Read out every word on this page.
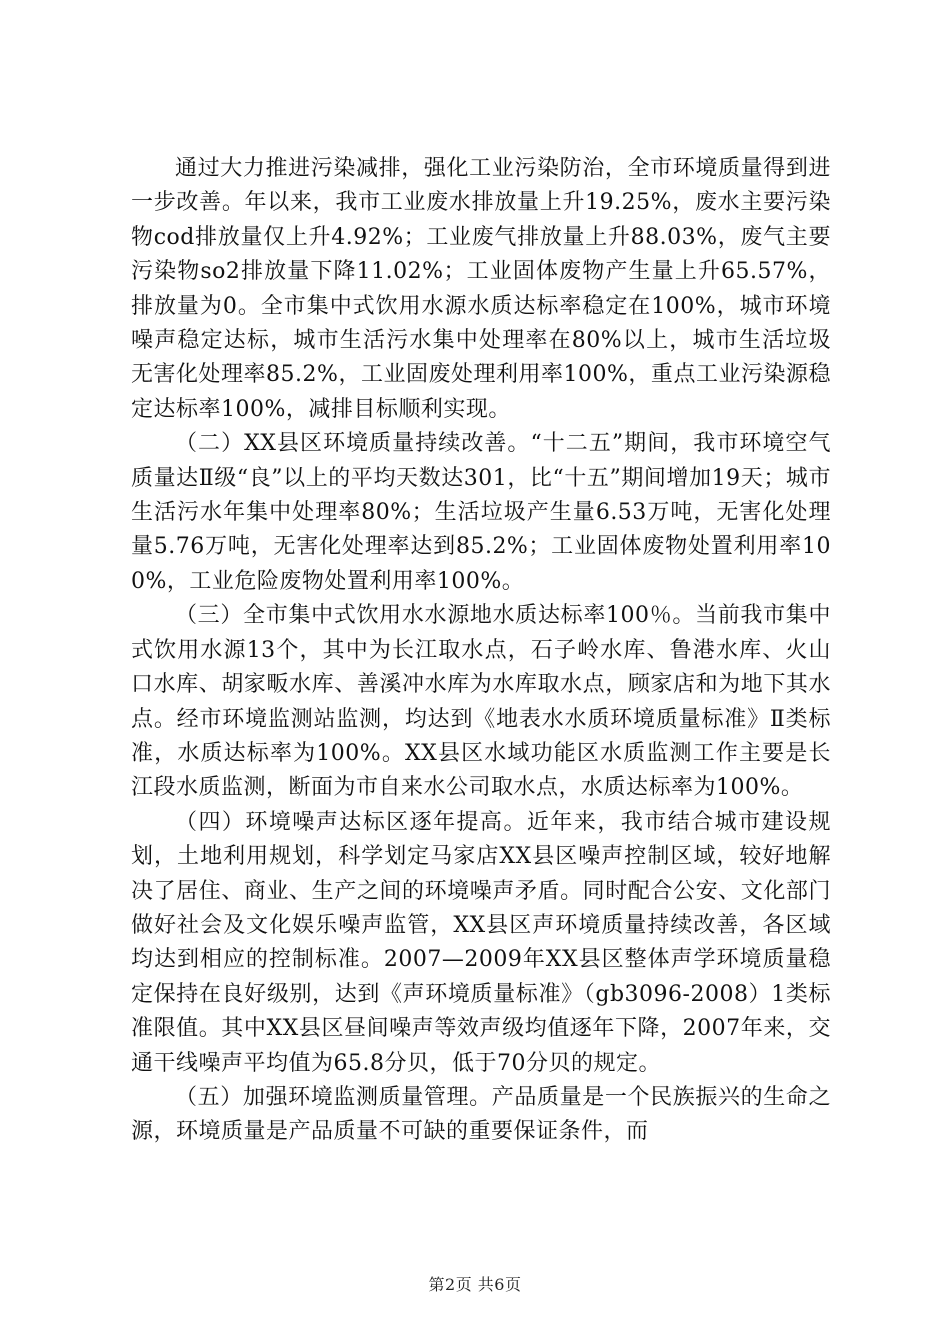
通过大力推进污染减排，强化工业污染防治，全市环境质量得到进一步改善。年以来，我市工业废水排放量上升19.25%，废水主要污染物cod排放量仅上升4.92%；工业废气排放量上升88.03%，废气主要污染物so2排放量下降11.02%；工业固体废物产生量上升65.57%，排放量为0。全市集中式饮用水源水质达标率稳定在100%，城市环境噪声稳定达标，城市生活污水集中处理率在80%以上，城市生活垃圾无害化处理率85.2%，工业固废处理利用率100%，重点工业污染源稳定达标率100%，减排目标顺利实现。

（二）XX县区环境质量持续改善。“十二五”期间，我市环境空气质量达Ⅱ级“良”以上的平均天数达301，比“十五”期间增加19天；城市生活污水年集中处理率80%；生活垃圾产生量6.53万吨，无害化处理量5.76万吨，无害化处理率达到85.2%；工业固体废物处置利用率100%，工业危险废物处置利用率100%。

（三）全市集中式饮用水水源地水质达标率100％。当前我市集中式饮用水源13个，其中为长江取水点，石子岭水库、鲁港水库、火山口水库、胡家畈水库、善溪冲水库为水库取水点，顾家店和为地下其水点。经市环境监测站监测，均达到《地表水水质环境质量标准》Ⅱ类标准，水质达标率为100%。XX县区水域功能区水质监测工作主要是长江段水质监测，断面为市自来水公司取水点，水质达标率为100%。

（四）环境噪声达标区逐年提高。近年来，我市结合城市建设规划，土地利用规划，科学划定马家店XX县区噪声控制区域，较好地解决了居住、商业、生产之间的环境噪声矛盾。同时配合公安、文化部门做好社会及文化娱乐噪声监管，XX县区声环境质量持续改善，各区域均达到相应的控制标准。2007—2009年XX县区整体声学环境质量稳定保持在良好级别，达到《声环境质量标准》（gb3096-2008）1类标准限值。其中XX县区昼间噪声等效声级均值逐年下降，2007年来，交通干线噪声平均值为65.8分贝，低于70分贝的规定。

（五）加强环境监测质量管理。产品质量是一个民族振兴的生命之源，环境质量是产品质量不可缺的重要保证条件，而

第2页 共6页
